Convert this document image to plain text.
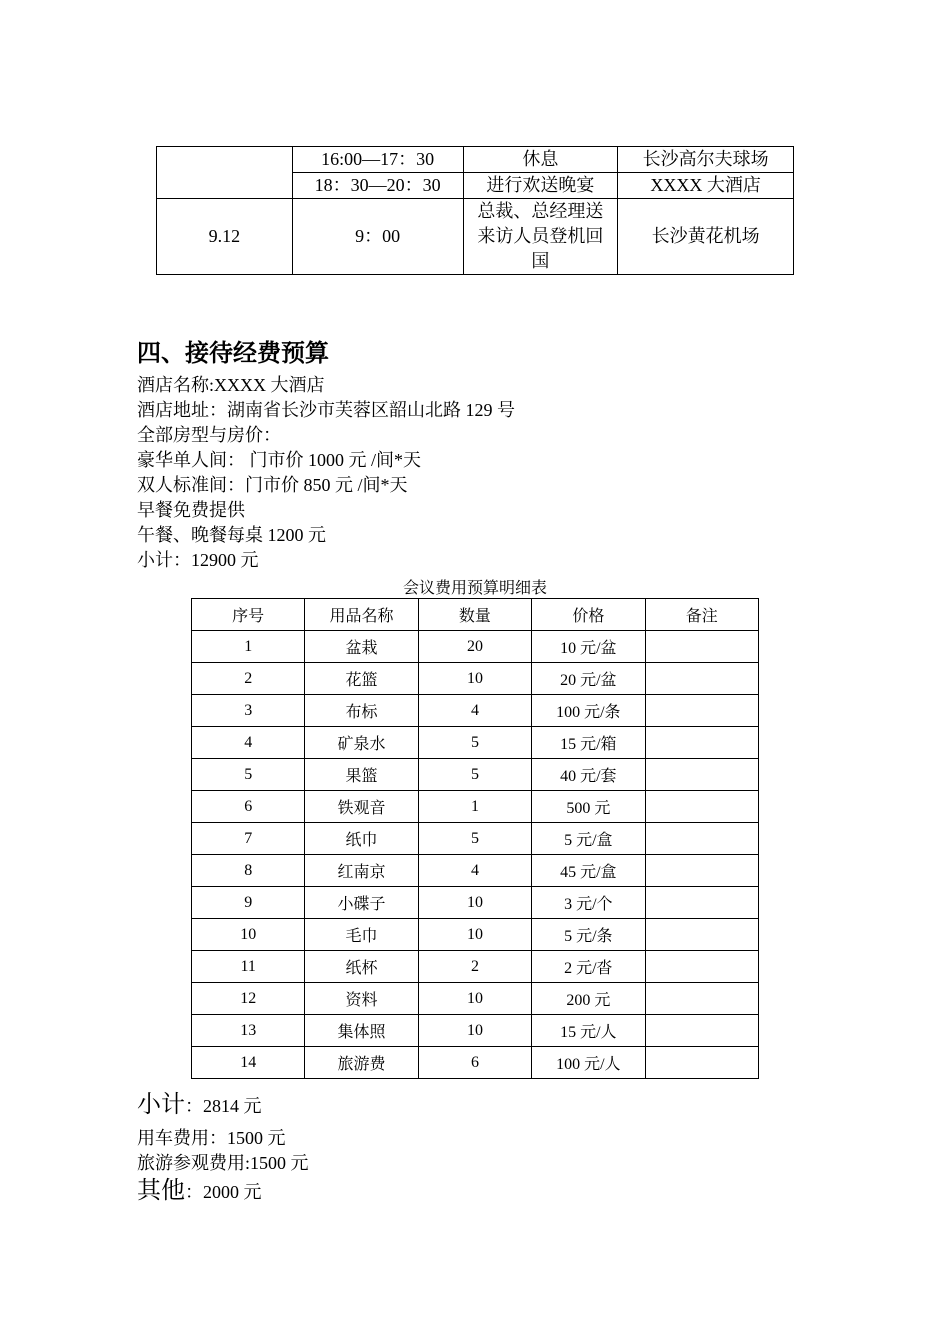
	16:00—17：30	休息	长沙高尔夫球场
	18：30—20：30	进行欢送晚宴	XXXX 大酒店
9.12	9：00	总裁、总经理送
来访人员登机回
国	长沙黄花机场
四、接待经费预算
酒店名称:XXXX 大酒店
酒店地址：湖南省长沙市芙蓉区韶山北路 129 号
全部房型与房价：
豪华单人间： 门市价 1000 元 /间*天
双人标准间：门市价 850 元 /间*天
早餐免费提供
午餐、晚餐每桌 1200 元
小计：12900 元
会议费用预算明细表
序号	用品名称	数量	价格	备注
1	盆栽	20	10 元/盆	
2	花篮	10	20 元/盆	
3	布标	4	100 元/条	
4	矿泉水	5	15 元/箱	
5	果篮	5	40 元/套	
6	铁观音	1	500 元	
7	纸巾	5	5 元/盒	
8	红南京	4	45 元/盒	
9	小碟子	10	3 元/个	
10	毛巾	10	5 元/条	
11	纸杯	2	2 元/沓	
12	资料	10	200 元	
13	集体照	10	15 元/人	
14	旅游费	6	100 元/人	
小计：2814 元
用车费用：1500 元
旅游参观费用:1500 元
其他：2000 元
